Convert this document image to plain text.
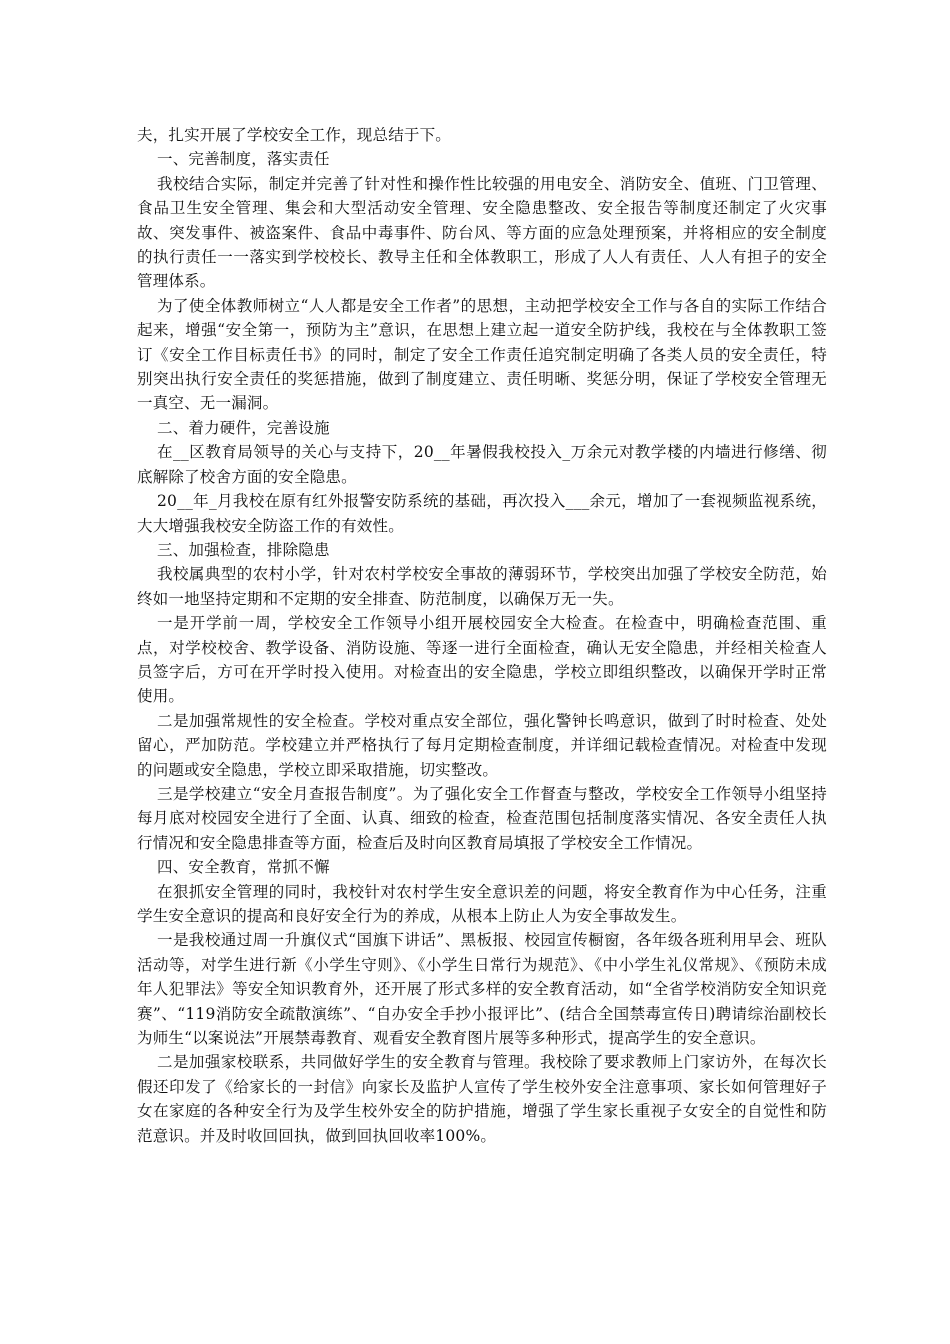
夫，扎实开展了学校安全工作，现总结于下。

一、完善制度，落实责任

我校结合实际，制定并完善了针对性和操作性比较强的用电安全、消防安全、值班、门卫管理、食品卫生安全管理、集会和大型活动安全管理、安全隐患整改、安全报告等制度还制定了火灾事故、突发事件、被盗案件、食品中毒事件、防台风、等方面的应急处理预案，并将相应的安全制度的执行责任一一落实到学校校长、教导主任和全体教职工，形成了人人有责任、人人有担子的安全管理体系。

为了使全体教师树立“人人都是安全工作者”的思想，主动把学校安全工作与各自的实际工作结合起来，增强“安全第一，预防为主”意识，在思想上建立起一道安全防护线，我校在与全体教职工签订《安全工作目标责任书》的同时，制定了安全工作责任追究制定明确了各类人员的安全责任，特别突出执行安全责任的奖惩措施，做到了制度建立、责任明晰、奖惩分明，保证了学校安全管理无一真空、无一漏洞。

二、着力硬件，完善设施

在__区教育局领导的关心与支持下，20__年暑假我校投入_万余元对教学楼的内墙进行修缮、彻底解除了校舍方面的安全隐患。

20__年_月我校在原有红外报警安防系统的基础，再次投入___余元，增加了一套视频监视系统，大大增强我校安全防盗工作的有效性。

三、加强检查，排除隐患

我校属典型的农村小学，针对农村学校安全事故的薄弱环节，学校突出加强了学校安全防范，始终如一地坚持定期和不定期的安全排查、防范制度，以确保万无一失。

一是开学前一周，学校安全工作领导小组开展校园安全大检查。在检查中，明确检查范围、重点，对学校校舍、教学设备、消防设施、等逐一进行全面检查，确认无安全隐患，并经相关检查人员签字后，方可在开学时投入使用。对检查出的安全隐患，学校立即组织整改，以确保开学时正常使用。

二是加强常规性的安全检查。学校对重点安全部位，强化警钟长鸣意识，做到了时时检查、处处留心，严加防范。学校建立并严格执行了每月定期检查制度，并详细记载检查情况。对检查中发现的问题或安全隐患，学校立即采取措施，切实整改。

三是学校建立“安全月查报告制度”。为了强化安全工作督查与整改，学校安全工作领导小组坚持每月底对校园安全进行了全面、认真、细致的检查，检查范围包括制度落实情况、各安全责任人执行情况和安全隐患排查等方面，检查后及时向区教育局填报了学校安全工作情况。

四、安全教育，常抓不懈

在狠抓安全管理的同时，我校针对农村学生安全意识差的问题，将安全教育作为中心任务，注重学生安全意识的提高和良好安全行为的养成，从根本上防止人为安全事故发生。

一是我校通过周一升旗仪式“国旗下讲话”、黑板报、校园宣传橱窗，各年级各班利用早会、班队活动等，对学生进行新《小学生守则》、《小学生日常行为规范》、《中小学生礼仪常规》、《预防未成年人犯罪法》等安全知识教育外，还开展了形式多样的安全教育活动，如“全省学校消防安全知识竞赛”、“119消防安全疏散演练”、“自办安全手抄小报评比”、(结合全国禁毒宣传日)聘请综治副校长为师生“以案说法”开展禁毒教育、观看安全教育图片展等多种形式，提高学生的安全意识。

二是加强家校联系，共同做好学生的安全教育与管理。我校除了要求教师上门家访外，在每次长假还印发了《给家长的一封信》向家长及监护人宣传了学生校外安全注意事项、家长如何管理好子女在家庭的各种安全行为及学生校外安全的防护措施，增强了学生家长重视子女安全的自觉性和防范意识。并及时收回回执，做到回执回收率100%。
